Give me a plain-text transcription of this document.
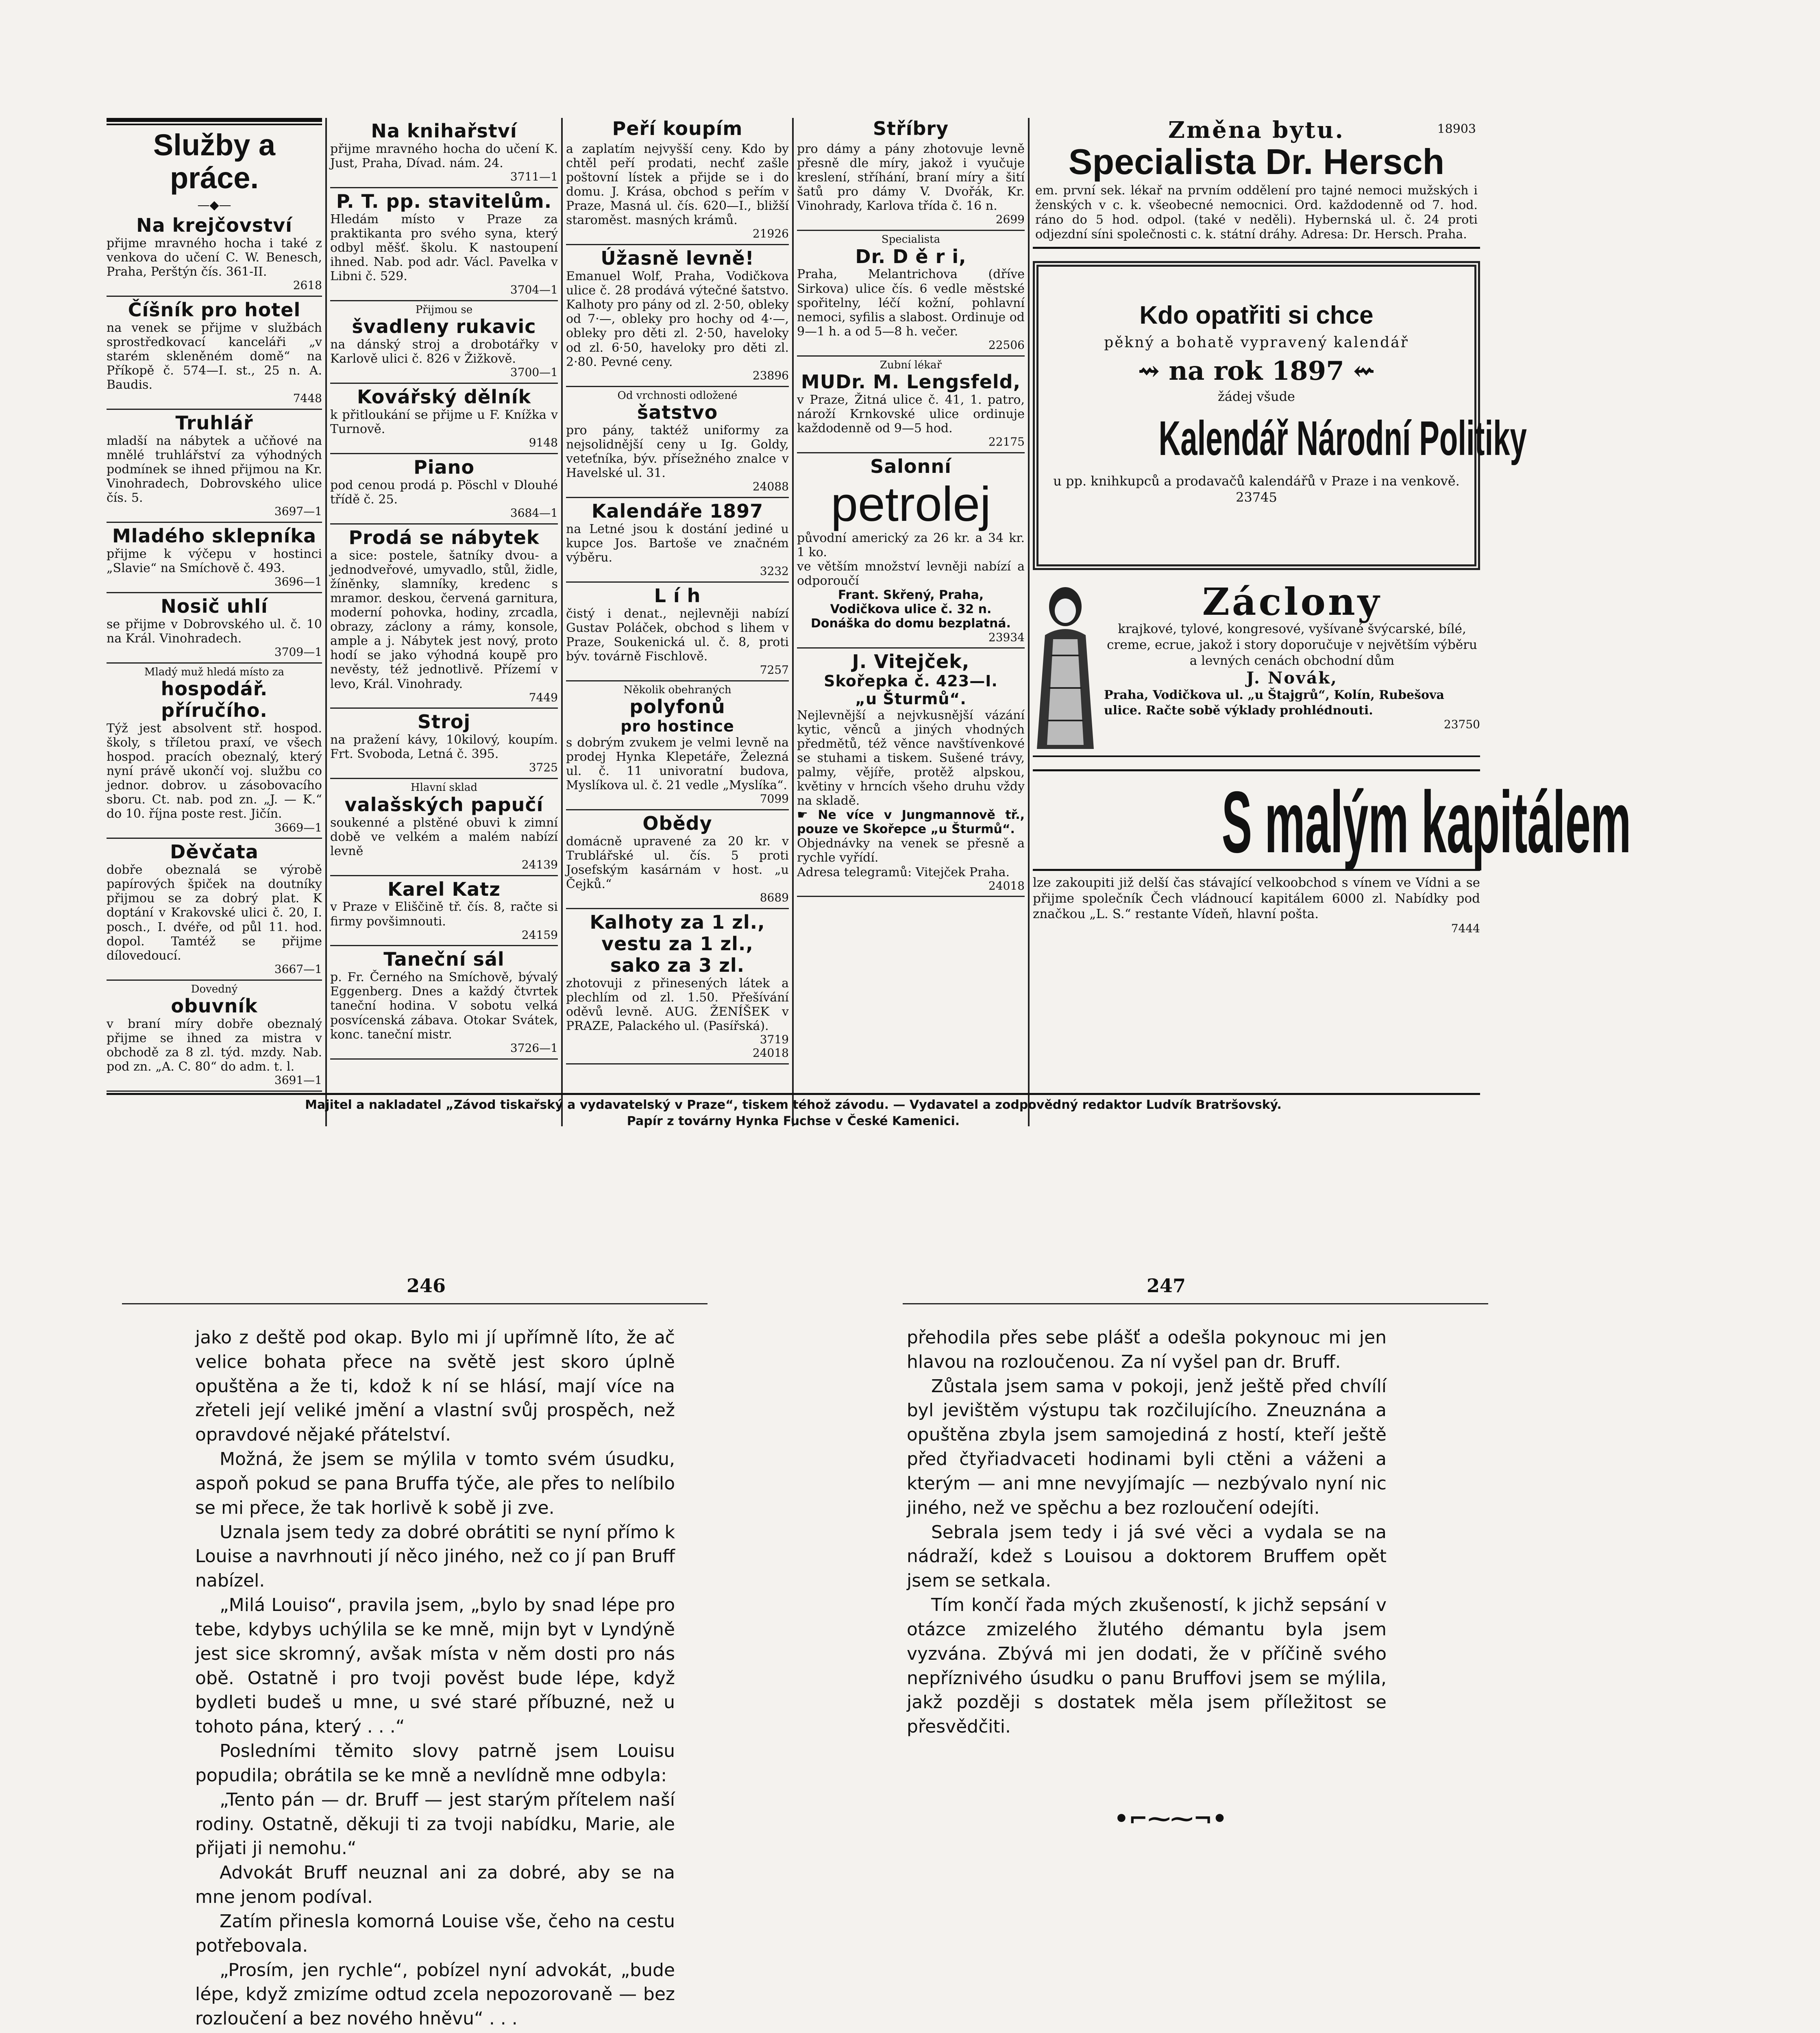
Služby a práce.
—◆—
Na krejčovství
přijme mravného hocha i také z venkova do učení C. W. Benesch, Praha, Perštýn čís. 361-II.
2618
Číšník pro hotel
na venek se přijme v službách sprostředkovací kanceláři „v starém skleněném domě“ na Příkopě č. 574—I. st., 25 n. A. Baudis.
7448
Truhlář
mladší na nábytek a učňové na mnělé truhlářství za výhodných podmínek se ihned přijmou na Kr. Vinohradech, Dobrovského ulice čís. 5.
3697—1
Mladého sklepníka
přijme k výčepu v hostinci „Slavie“ na Smíchově č. 493.
3696—1
Nosič uhlí
se přijme v Dobrovského ul. č. 10 na Král. Vinohradech.
3709—1
Mladý muž hledá místo za
hospodář. příručího.
Týž jest absolvent stř. hospod. školy, s tříletou praxí, ve všech hospod. pracích obeznalý, který nyní právě ukončí voj. službu co jednor. dobrov. u zásobovacího sboru. Ct. nab. pod zn. „J. — K.“ do 10. října poste rest. Jičín.
3669—1
Děvčata
dobře obeznalá se výrobě papírových špiček na doutníky přijmou se za dobrý plat. K doptání v Krakovské ulici č. 20, I. posch., I. dvéře, od půl 11. hod. dopol. Tamtéž se přijme dílovedoucí.
3667—1
Dovedný
obuvník
v braní míry dobře obeznalý přijme se ihned za mistra v obchodě za 8 zl. týd. mzdy. Nab. pod zn. „A. C. 80“ do adm. t. l.
3691—1
Na knihařství
přijme mravného hocha do učení K. Just, Praha, Dívad. nám. 24.
3711—1
P. T. pp. stavitelům.
Hledám místo v Praze za praktikanta pro svého syna, který odbyl měšť. školu. K nastoupení ihned. Nab. pod adr. Václ. Pavelka v Libni č. 529.
3704—1
Přijmou se
švadleny rukavic
na dánský stroj a drobotářky v Karlově ulici č. 826 v Žižkově.
3700—1
Kovářský dělník
k přitloukání se přijme u F. Knížka v Turnově.
9148
Piano
pod cenou prodá p. Pöschl v Dlouhé třídě č. 25.
3684—1
Prodá se nábytek
a sice: postele, šatníky dvou- a jednodveřové, umyvadlo, stůl, židle, žíněnky, slamníky, kredenc s mramor. deskou, červená garnitura, moderní pohovka, hodiny, zrcadla, obrazy, záclony a rámy, konsole, ample a j. Nábytek jest nový, proto hodí se jako výhodná koupě pro nevěsty, též jednotlivě. Přízemí v levo, Král. Vinohrady.
7449
Stroj
na pražení kávy, 10kilový, koupím. Frt. Svoboda, Letná č. 395.
3725
Hlavní sklad
valašských papučí
soukenné a plstěné obuvi k zimní době ve velkém a malém nabízí levně
24139
Karel Katz
v Praze v Eliščině tř. čís. 8, račte si firmy povšimnouti.
24159
Taneční sál
p. Fr. Černého na Smíchově, bývalý Eggenberg. Dnes a každý čtvrtek taneční hodina. V sobotu velká posvícenská zábava. Otokar Svátek, konc. taneční mistr.
3726—1
Peří koupím
a zaplatím nejvyšší ceny. Kdo by chtěl peří prodati, nechť zašle poštovní lístek a přijde se i do domu. J. Krása, obchod s peřím v Praze, Masná ul. čís. 620—I., bližší staroměst. masných krámů.
21926
Úžasně levně!
Emanuel Wolf, Praha, Vodičkova ulice č. 28 prodává výtečné šatstvo. Kalhoty pro pány od zl. 2·50, obleky od 7·—, obleky pro hochy od 4·—, obleky pro děti zl. 2·50, haveloky od zl. 6·50, haveloky pro děti zl. 2·80. Pevné ceny.
23896
Od vrchnosti odložené
šatstvo
pro pány, taktéž uniformy za nejsolidnější ceny u Ig. Goldy, veteťníka, býv. přísežného znalce v Havelské ul. 31.
24088
Kalendáře 1897
na Letné jsou k dostání jediné u kupce Jos. Bartoše ve značném výběru.
3232
L í h
čistý i denat., nejlevněji nabízí Gustav Poláček, obchod s lihem v Praze, Soukenická ul. č. 8, proti býv. továrně Fischlově.
7257
Několik obehraných
polyfonů
pro hostince
s dobrým zvukem je velmi levně na prodej Hynka Klepetáře, Železná ul. č. 11 univoratní budova, Myslíkova ul. č. 21 vedle „Myslíka“.
7099
Obědy
domácně upravené za 20 kr. v Trublářské ul. čís. 5 proti Josefským kasárnám v host. „u Čejků.“
8689
Kalhoty za 1 zl.,
vestu za 1 zl.,
sako za 3 zl.
zhotovuji z přinesených látek a plechlím od zl. 1.50. Přešívání oděvů levně. AUG. ŽENÍŠEK v PRAZE, Palackého ul. (Pasířská).
3719
24018
Stříbry
pro dámy a pány zhotovuje levně přesně dle míry, jakož i vyučuje kreslení, stříhání, braní míry a šití šatů pro dámy V. Dvořák, Kr. Vinohrady, Karlova třída č. 16 n.
2699
Specialista
Dr. D ě r i,
Praha, Melantrichova (dříve Sirkova) ulice čís. 6 vedle městské spořitelny, léčí kožní, pohlavní nemoci, syfilis a slabost. Ordinuje od 9—1 h. a od 5—8 h. večer.
22506
Zubní lékař
MUDr. M. Lengsfeld,
v Praze, Žitná ulice č. 41, 1. patro, nároží Krnkovské ulice ordinuje každodenně od 9—5 hod.
22175
Salonní
petrolej
původní americký za 26 kr. a 34 kr. 1 ko.
ve větším množství levněji nabízí a odporoučí
Frant. Skřený, Praha,
Vodičkova ulice č. 32 n.
Donáška do domu bezplatná.
23934
J. Vitejček,
Skořepka č. 423—I.
„u Šturmů“.
Nejlevnější a nejvkusnější vázání kytic, věnců a jiných vhodných předmětů, též věnce navštívenkové se stuhami a tiskem. Sušené trávy, palmy, vějíře, protěž alpskou, květiny v hrncích všeho druhu vždy na skladě.
☛ Ne více v Jungmannově tř., pouze ve Skořepce „u Šturmů“.
Objednávky na venek se přesně a rychle vyřídí.
Adresa telegramů: Vitejček Praha.
24018
Změna bytu.	18903
Specialista Dr. Hersch
em. první sek. lékař na prvním oddělení pro tajné nemoci mužských i ženských v c. k. všeobecné nemocnici. Ord. každodenně od 7. hod. ráno do 5 hod. odpol. (také v neděli). Hybernská ul. č. 24 proti odjezdní síni společnosti c. k. státní dráhy. Adresa: Dr. Hersch. Praha.
Kdo opatřiti si chce
pěkný a bohatě vypravený kalendář
⇝ na rok 1897 ⇜
žádej všude
Kalendář Národní Politiky
u pp. knihkupců a prodavačů kalendářů v Praze i na venkově. 23745
Záclony
krajkové, tylové, kongresové, vyšívané švýcarské, bílé, creme, ecrue, jakož i story doporučuje v největším výběru a levných cenách obchodní dům
J. Novák,
Praha, Vodičkova ul. „u Štajgrů“, Kolín, Rubešova ulice. Račte sobě výklady prohlédnouti.
23750
S malým kapitálem
lze zakoupiti již delší čas stávající velkoobchod s vínem ve Vídni a se přijme společník Čech vládnoucí kapitálem 6000 zl. Nabídky pod značkou „L. S.“ restante Vídeň, hlavní pošta.
7444
Majitel a nakladatel „Závod tiskařský a vydavatelský v Praze“, tiskem téhož závodu. — Vydavatel a zodpovědný redaktor Ludvík Bratršovský.
Papír z továrny Hynka Fuchse v České Kamenici.
246	247

jako z deště pod okap. Bylo mi jí upřímně líto, že ač velice bohata přece na světě jest skoro úplně opuštěna a že ti, kdož k ní se hlásí, mají více na zřeteli její veliké jmění a vlastní svůj prospěch, než opravdové nějaké přátelství.

Možná, že jsem se mýlila v tomto svém úsudku, aspoň pokud se pana Bruffa týče, ale přes to nelíbilo se mi přece, že tak horlivě k sobě ji zve.

Uznala jsem tedy za dobré obrátiti se nyní přímo k Louise a navrhnouti jí něco jiného, než co jí pan Bruff nabízel.

„Milá Louiso“, pravila jsem, „bylo by snad lépe pro tebe, kdybys uchýlila se ke mně, mijn byt v Lyndýně jest sice skromný, avšak místa v něm dosti pro nás obě. Ostatně i pro tvoji pověst bude lépe, když bydleti budeš u mne, u své staré příbuzné, než u tohoto pána, který . . .“

Posledními těmito slovy patrně jsem Louisu popudila; obrátila se ke mně a nevlídně mne odbyla:

„Tento pán — dr. Bruff — jest starým přítelem naší rodiny. Ostatně, děkuji ti za tvoji nabídku, Marie, ale přijati ji nemohu.“

Advokát Bruff neuznal ani za dobré, aby se na mne jenom podíval.

Zatím přinesla komorná Louise vše, čeho na cestu potřebovala.

„Prosím, jen rychle“, pobízel nyní advokát, „bude lépe, když zmizíme odtud zcela nepozorovaně — bez rozloučení a bez nového hněvu“ . . .

přehodila přes sebe plášť a odešla pokynouc mi jen hlavou na rozloučenou. Za ní vyšel pan dr. Bruff.

Zůstala jsem sama v pokoji, jenž ještě před chvílí byl jevištěm výstupu tak rozčilujícího. Zneuznána a opuštěna zbyla jsem samojediná z hostí, kteří ještě před čtyřiadvaceti hodinami byli ctěni a váženi a kterým — ani mne nevyjímajíc — nezbývalo nyní nic jiného, než ve spěchu a bez rozloučení odejíti.

Sebrala jsem tedy i já své věci a vydala se na nádraží, kdež s Louisou a doktorem Bruffem opět jsem se setkala.

Tím končí řada mých zkušeností, k jichž sepsání v otázce zmizelého žlutého démantu byla jsem vyzvána. Zbývá mi jen dodati, že v příčině svého nepříznivého úsudku o panu Bruffovi jsem se mýlila, jakž později s dostatek měla jsem příležitost se přesvědčiti.

•⌐⁓⁓¬•
